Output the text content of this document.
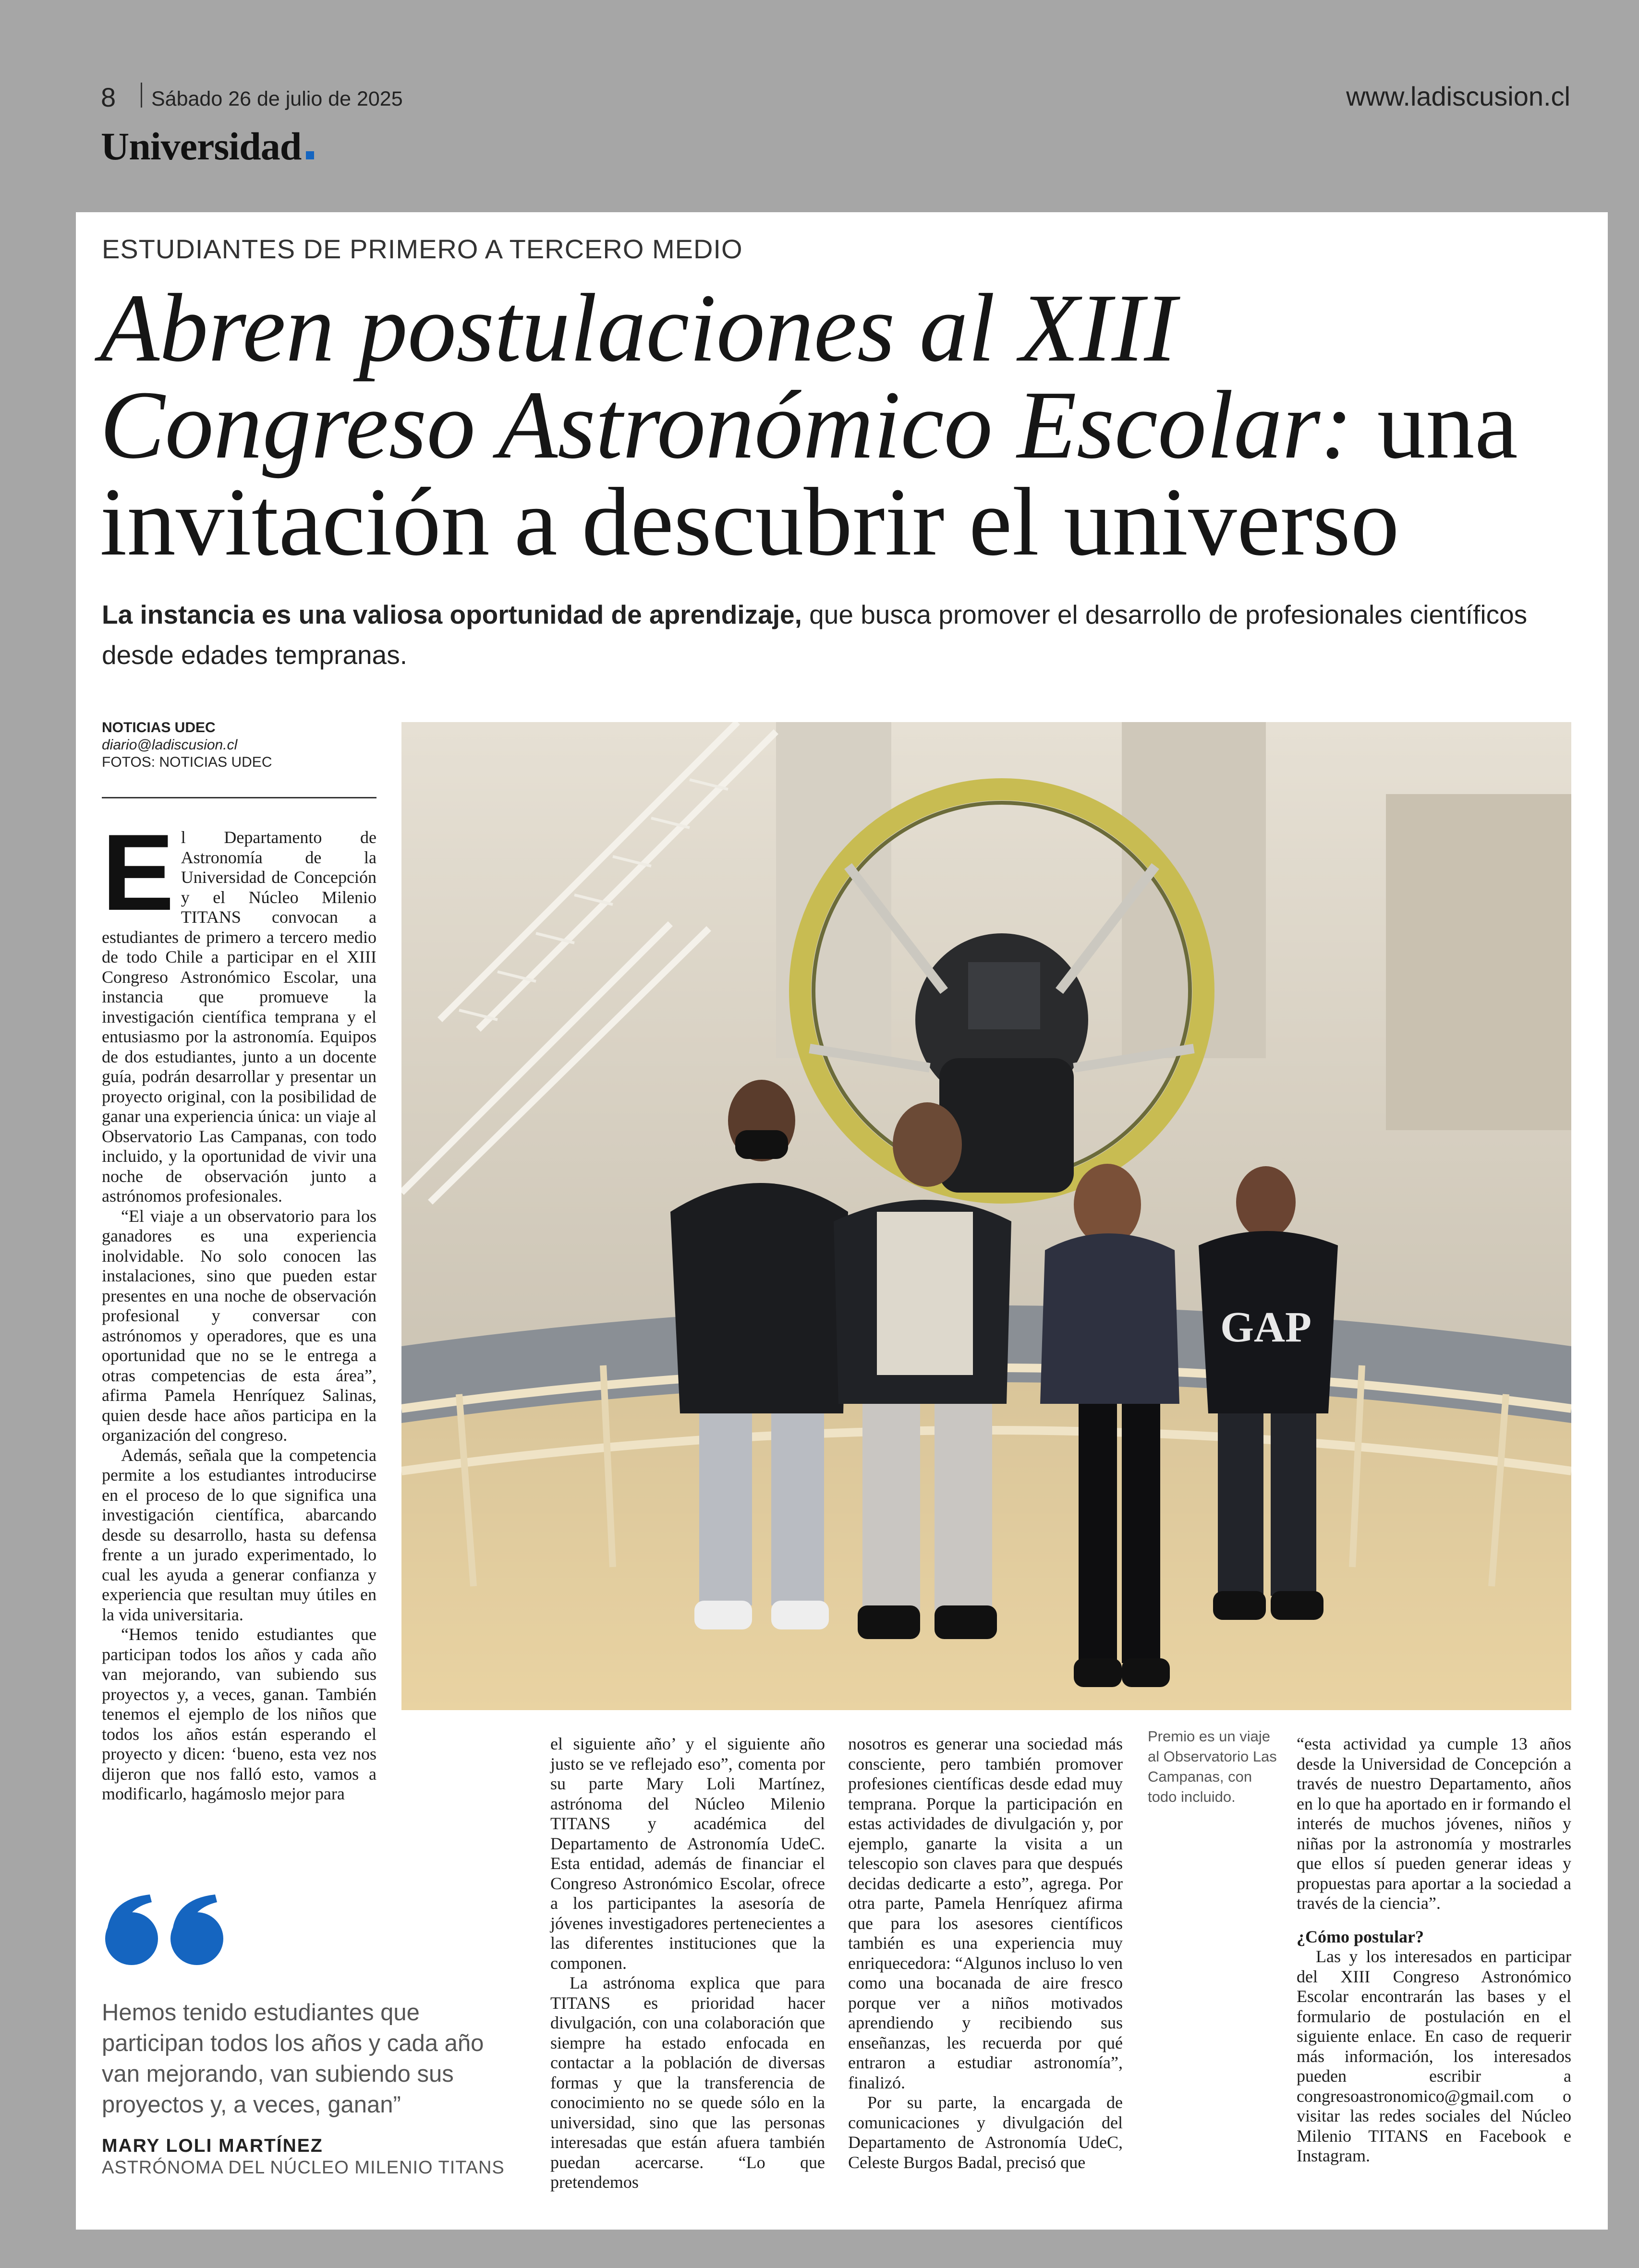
8 Sábado 26 de julio de 2025	www.ladiscusion.cl
Universidad
ESTUDIANTES DE PRIMERO A TERCERO MEDIO
Abren postulaciones al XIII Congreso Astronómico Escolar: una invitación a descubrir el universo
La instancia es una valiosa oportunidad de aprendizaje, que busca promover el desarrollo de profesionales científicos desde edades tempranas.
NOTICIAS UDEC
diario@ladiscusion.cl
FOTOS: NOTICIAS UDEC
E l Departamento de Astronomía de la Universidad de Concepción y el Núcleo Milenio TITANS convocan a estudiantes de primero a tercero medio de todo Chile a participar en el XIII Congreso Astronómico Escolar, una instancia que promueve la investigación científica temprana y el entusiasmo por la astronomía. Equipos de dos estudiantes, junto a un docente guía, podrán desarrollar y presentar un proyecto original, con la posibilidad de ganar una experiencia única: un viaje al Observatorio Las Campanas, con todo incluido, y la oportunidad de vivir una noche de observación junto a astrónomos profesionales.

“El viaje a un observatorio para los ganadores es una experiencia inolvidable. No solo conocen las instalaciones, sino que pueden estar presentes en una noche de observación profesional y conversar con astrónomos y operadores, que es una oportunidad que no se le entrega a otras competencias de esta área”, afirma Pamela Henríquez Salinas, quien desde hace años participa en la organización del congreso.

Además, señala que la competencia permite a los estudiantes introducirse en el proceso de lo que significa una investigación científica, abarcando desde su desarrollo, hasta su defensa frente a un jurado experimentado, lo cual les ayuda a generar confianza y experiencia que resultan muy útiles en la vida universitaria.

“Hemos tenido estudiantes que participan todos los años y cada año van mejorando, van subiendo sus proyectos y, a veces, ganan. También tenemos el ejemplo de los niños que todos los años están esperando el proyecto y dicen: ‘bueno, esta vez nos dijeron que nos falló esto, vamos a modificarlo, hagámoslo mejor para

GAP

el siguiente año’ y el siguiente año justo se ve reflejado eso”, comenta por su parte Mary Loli Martínez, astrónoma del Núcleo Milenio TITANS y académica del Departamento de Astronomía UdeC. Esta entidad, además de financiar el Congreso Astronómico Escolar, ofrece a los participantes la asesoría de jóvenes investigadores pertenecientes a las diferentes instituciones que la componen.

La astrónoma explica que para TITANS es prioridad hacer divulgación, con una colaboración que siempre ha estado enfocada en contactar a la población de diversas formas y que la transferencia de conocimiento no se quede sólo en la universidad, sino que las personas interesadas que están afuera también puedan acercarse. “Lo que pretendemos

nosotros es generar una sociedad más consciente, pero también promover profesiones científicas desde edad muy temprana. Porque la participación en estas actividades de divulgación y, por ejemplo, ganarte la visita a un telescopio son claves para que después decidas dedicarte a esto”, agrega. Por otra parte, Pamela Henríquez afirma que para los asesores científicos también es una experiencia muy enriquecedora: “Algunos incluso lo ven como una bocanada de aire fresco porque ver a niños motivados aprendiendo y recibiendo sus enseñanzas, les recuerda por qué entraron a estudiar astronomía”, finalizó.

Por su parte, la encargada de comunicaciones y divulgación del Departamento de Astronomía UdeC, Celeste Burgos Badal, precisó que

Premio es un viaje al Observatorio Las Campanas, con todo incluido.

“esta actividad ya cumple 13 años desde la Universidad de Concepción a través de nuestro Departamento, años en lo que ha aportado en ir formando el interés de muchos jóvenes, niños y niñas por la astronomía y mostrarles que ellos sí pueden generar ideas y propuestas para aportar a la sociedad a través de la ciencia”.

¿Cómo postular?

Las y los interesados en participar del XIII Congreso Astronómico Escolar encontrarán las bases y el formulario de postulación en el siguiente enlace. En caso de requerir más información, los interesados pueden escribir a congresoastronomico@gmail.com o visitar las redes sociales del Núcleo Milenio TITANS en Facebook e Instagram.

Hemos tenido estudiantes que participan todos los años y cada año van mejorando, van subiendo sus proyectos y, a veces, ganan”
MARY LOLI MARTÍNEZ
ASTRÓNOMA DEL NÚCLEO MILENIO TITANS
